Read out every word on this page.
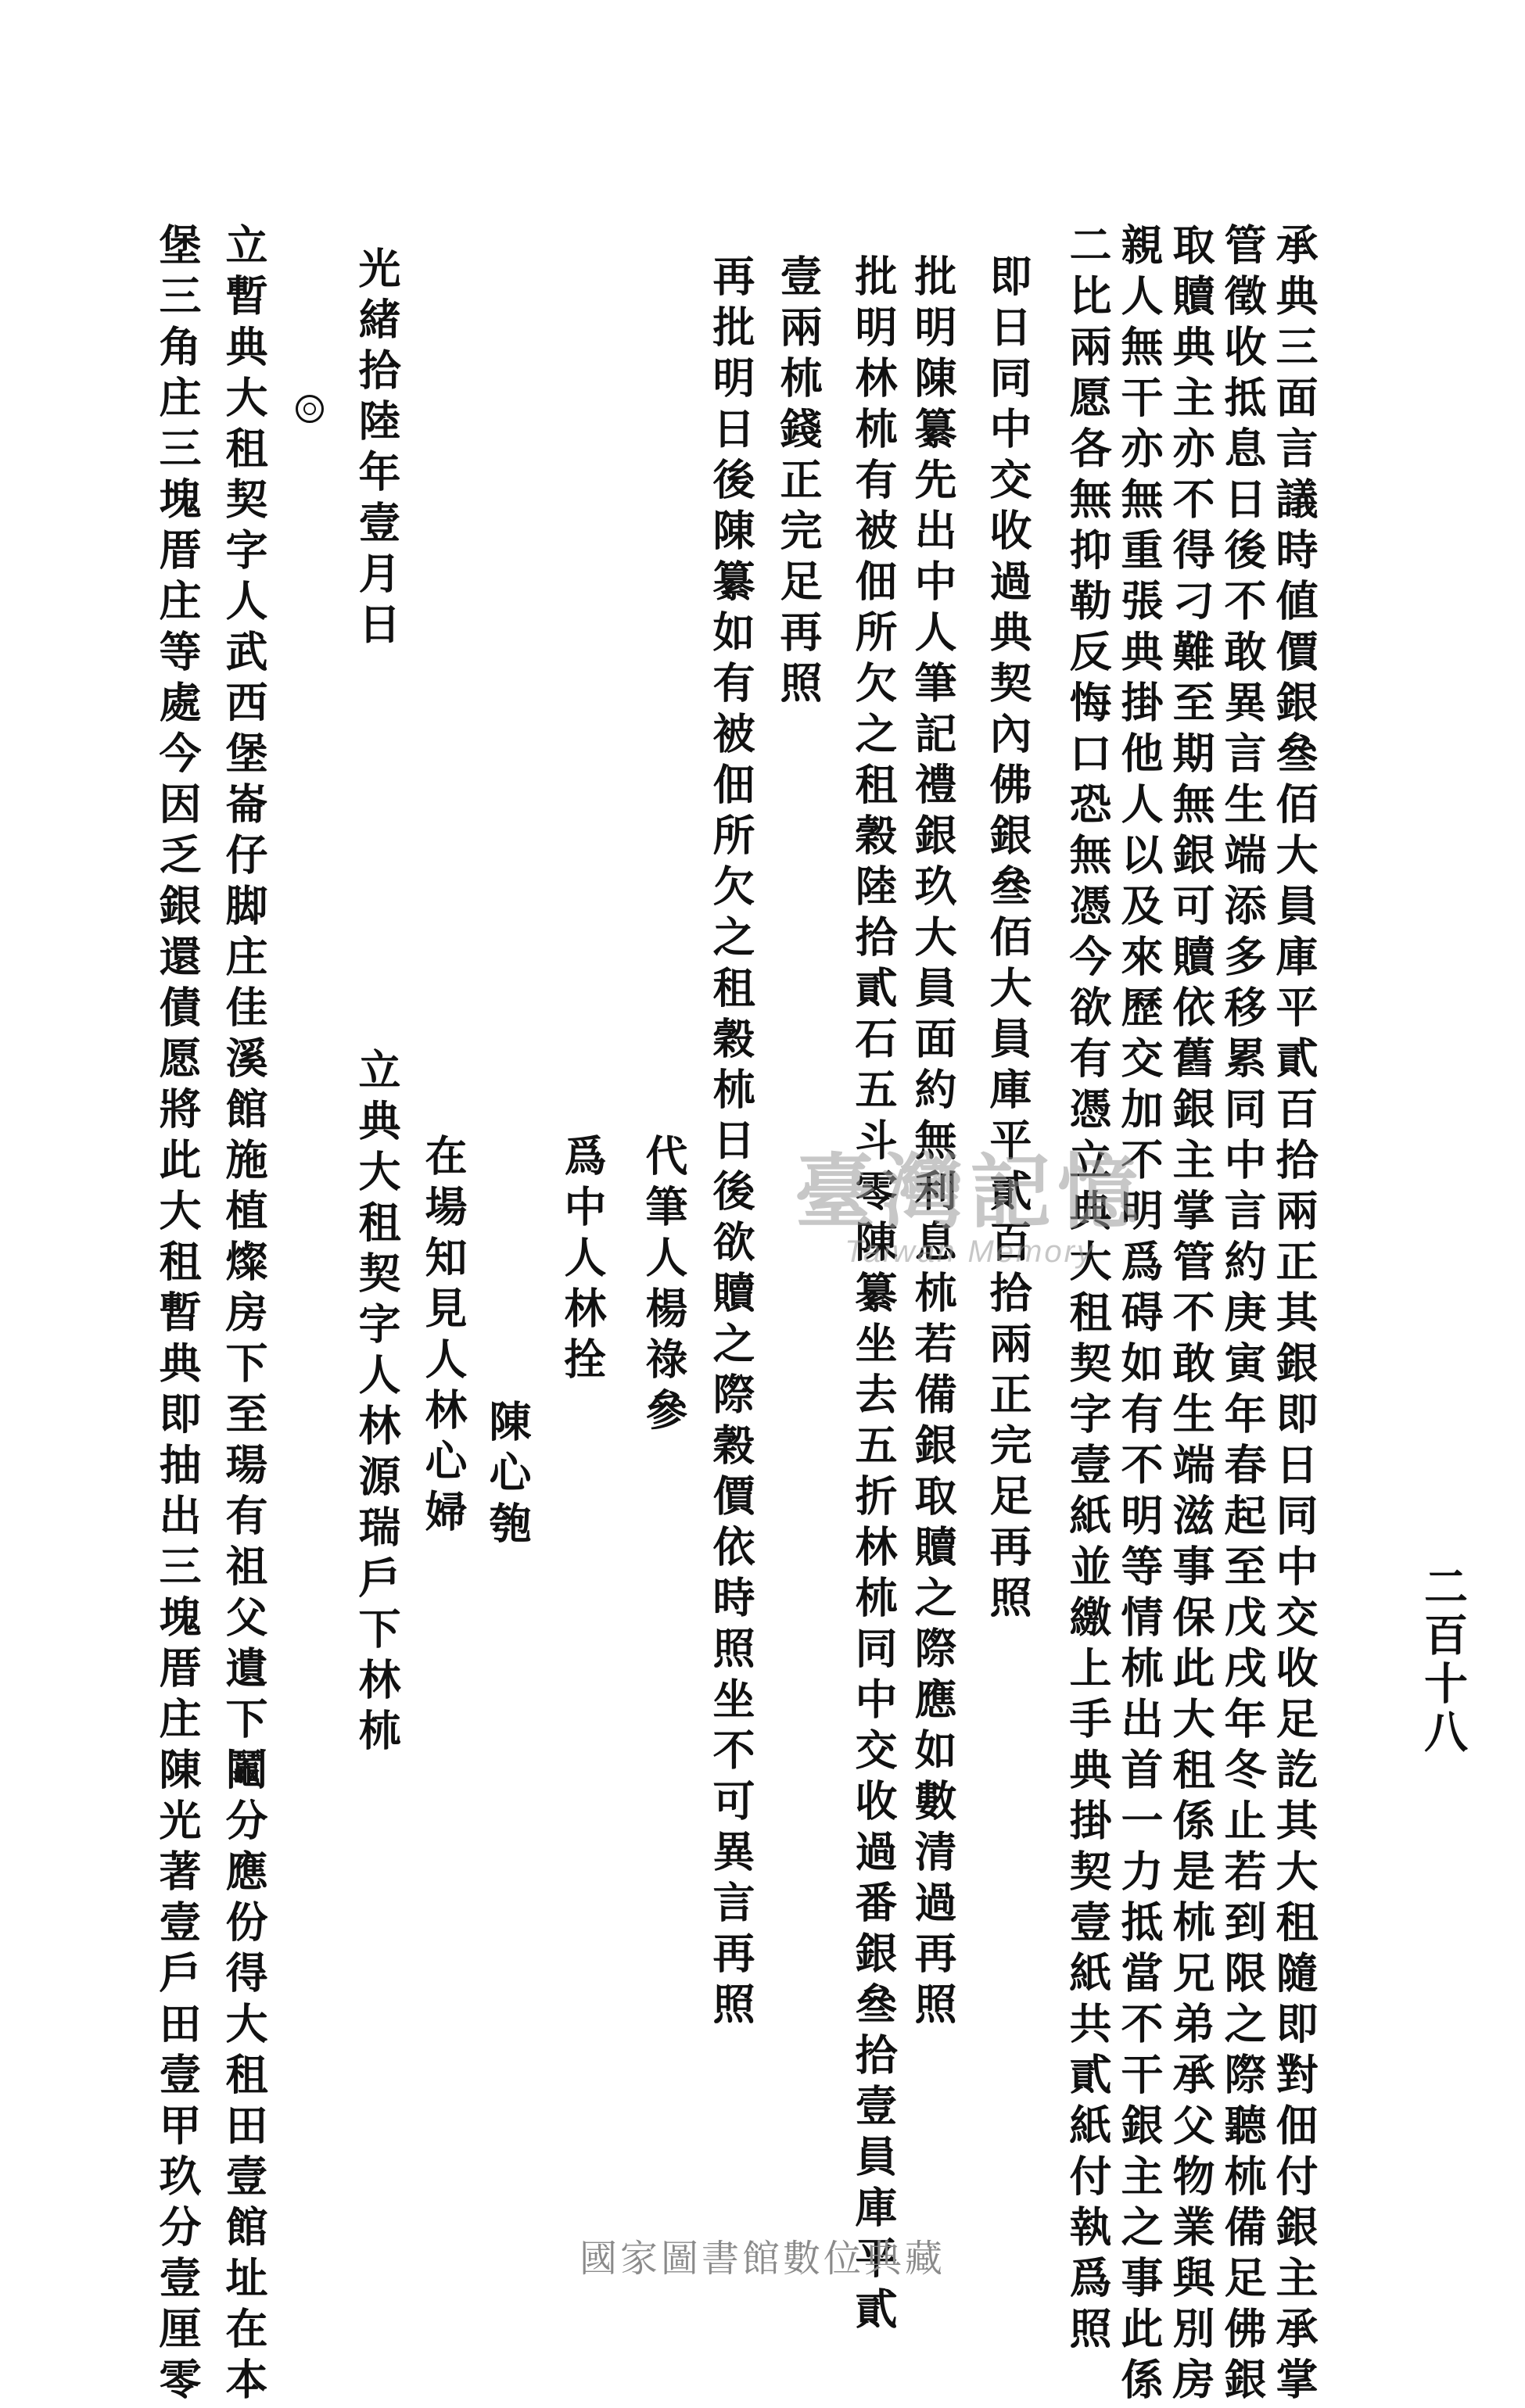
二百十八
承典三面言議時値價銀叄佰大員庫平貳百拾兩正其銀即日同中交收足訖其大租隨即對佃付銀主承掌
管徵收抵息日後不敢異言生端添多移累同中言約庚寅年春起至戊戌年冬止若到限之際聽𣏕備足佛銀
取贖典主亦不得刁難至期無銀可贖依舊銀主掌管不敢生端滋事保此大租係是𣏕兄弟承父物業與別房
親人無干亦無重張典掛他人以及來歷交加不明爲碍如有不明等情𣏕出首一力抵當不干銀主之事此係
二比兩愿各無抑勒反悔口恐無憑今欲有憑立典大租契字壹紙並繳上手典掛契壹紙共貳紙付執爲照
即日同中交收過典契內佛銀叄佰大員庫平貳百拾兩正完足再照
批明陳纂先出中人筆記禮銀玖大員面約無利息𣏕若備銀取贖之際應如數清過再照
批明林𣏕有被佃所欠之租穀陸拾貳石五斗零陳纂坐去五折林𣏕同中交收過番銀叄拾壹員庫平貳
壹兩𣏕錢正完足再照
再批明日後陳纂如有被佃所欠之租穀𣏕日後欲贖之際穀價依時照坐不可異言再照
代筆人楊祿參
陳心匏
爲中人林拴
在場知見人林心婦
光緒拾陸年壹月日
立典大租契字人林源瑞戶下林𣏕
立暫典大租契字人武西堡崙仔脚庄佳溪館施植燦房下至瑒有祖父遺下鬮分應份得大租田壹館址在本
堡三角庄三塊厝庄等處今因乏銀還債愿將此大租暫典即抽出三塊厝庄陳光著壹戶田壹甲玖分壹厘零	臺灣記憶
Taiwan Memory
國家圖書館數位典藏
